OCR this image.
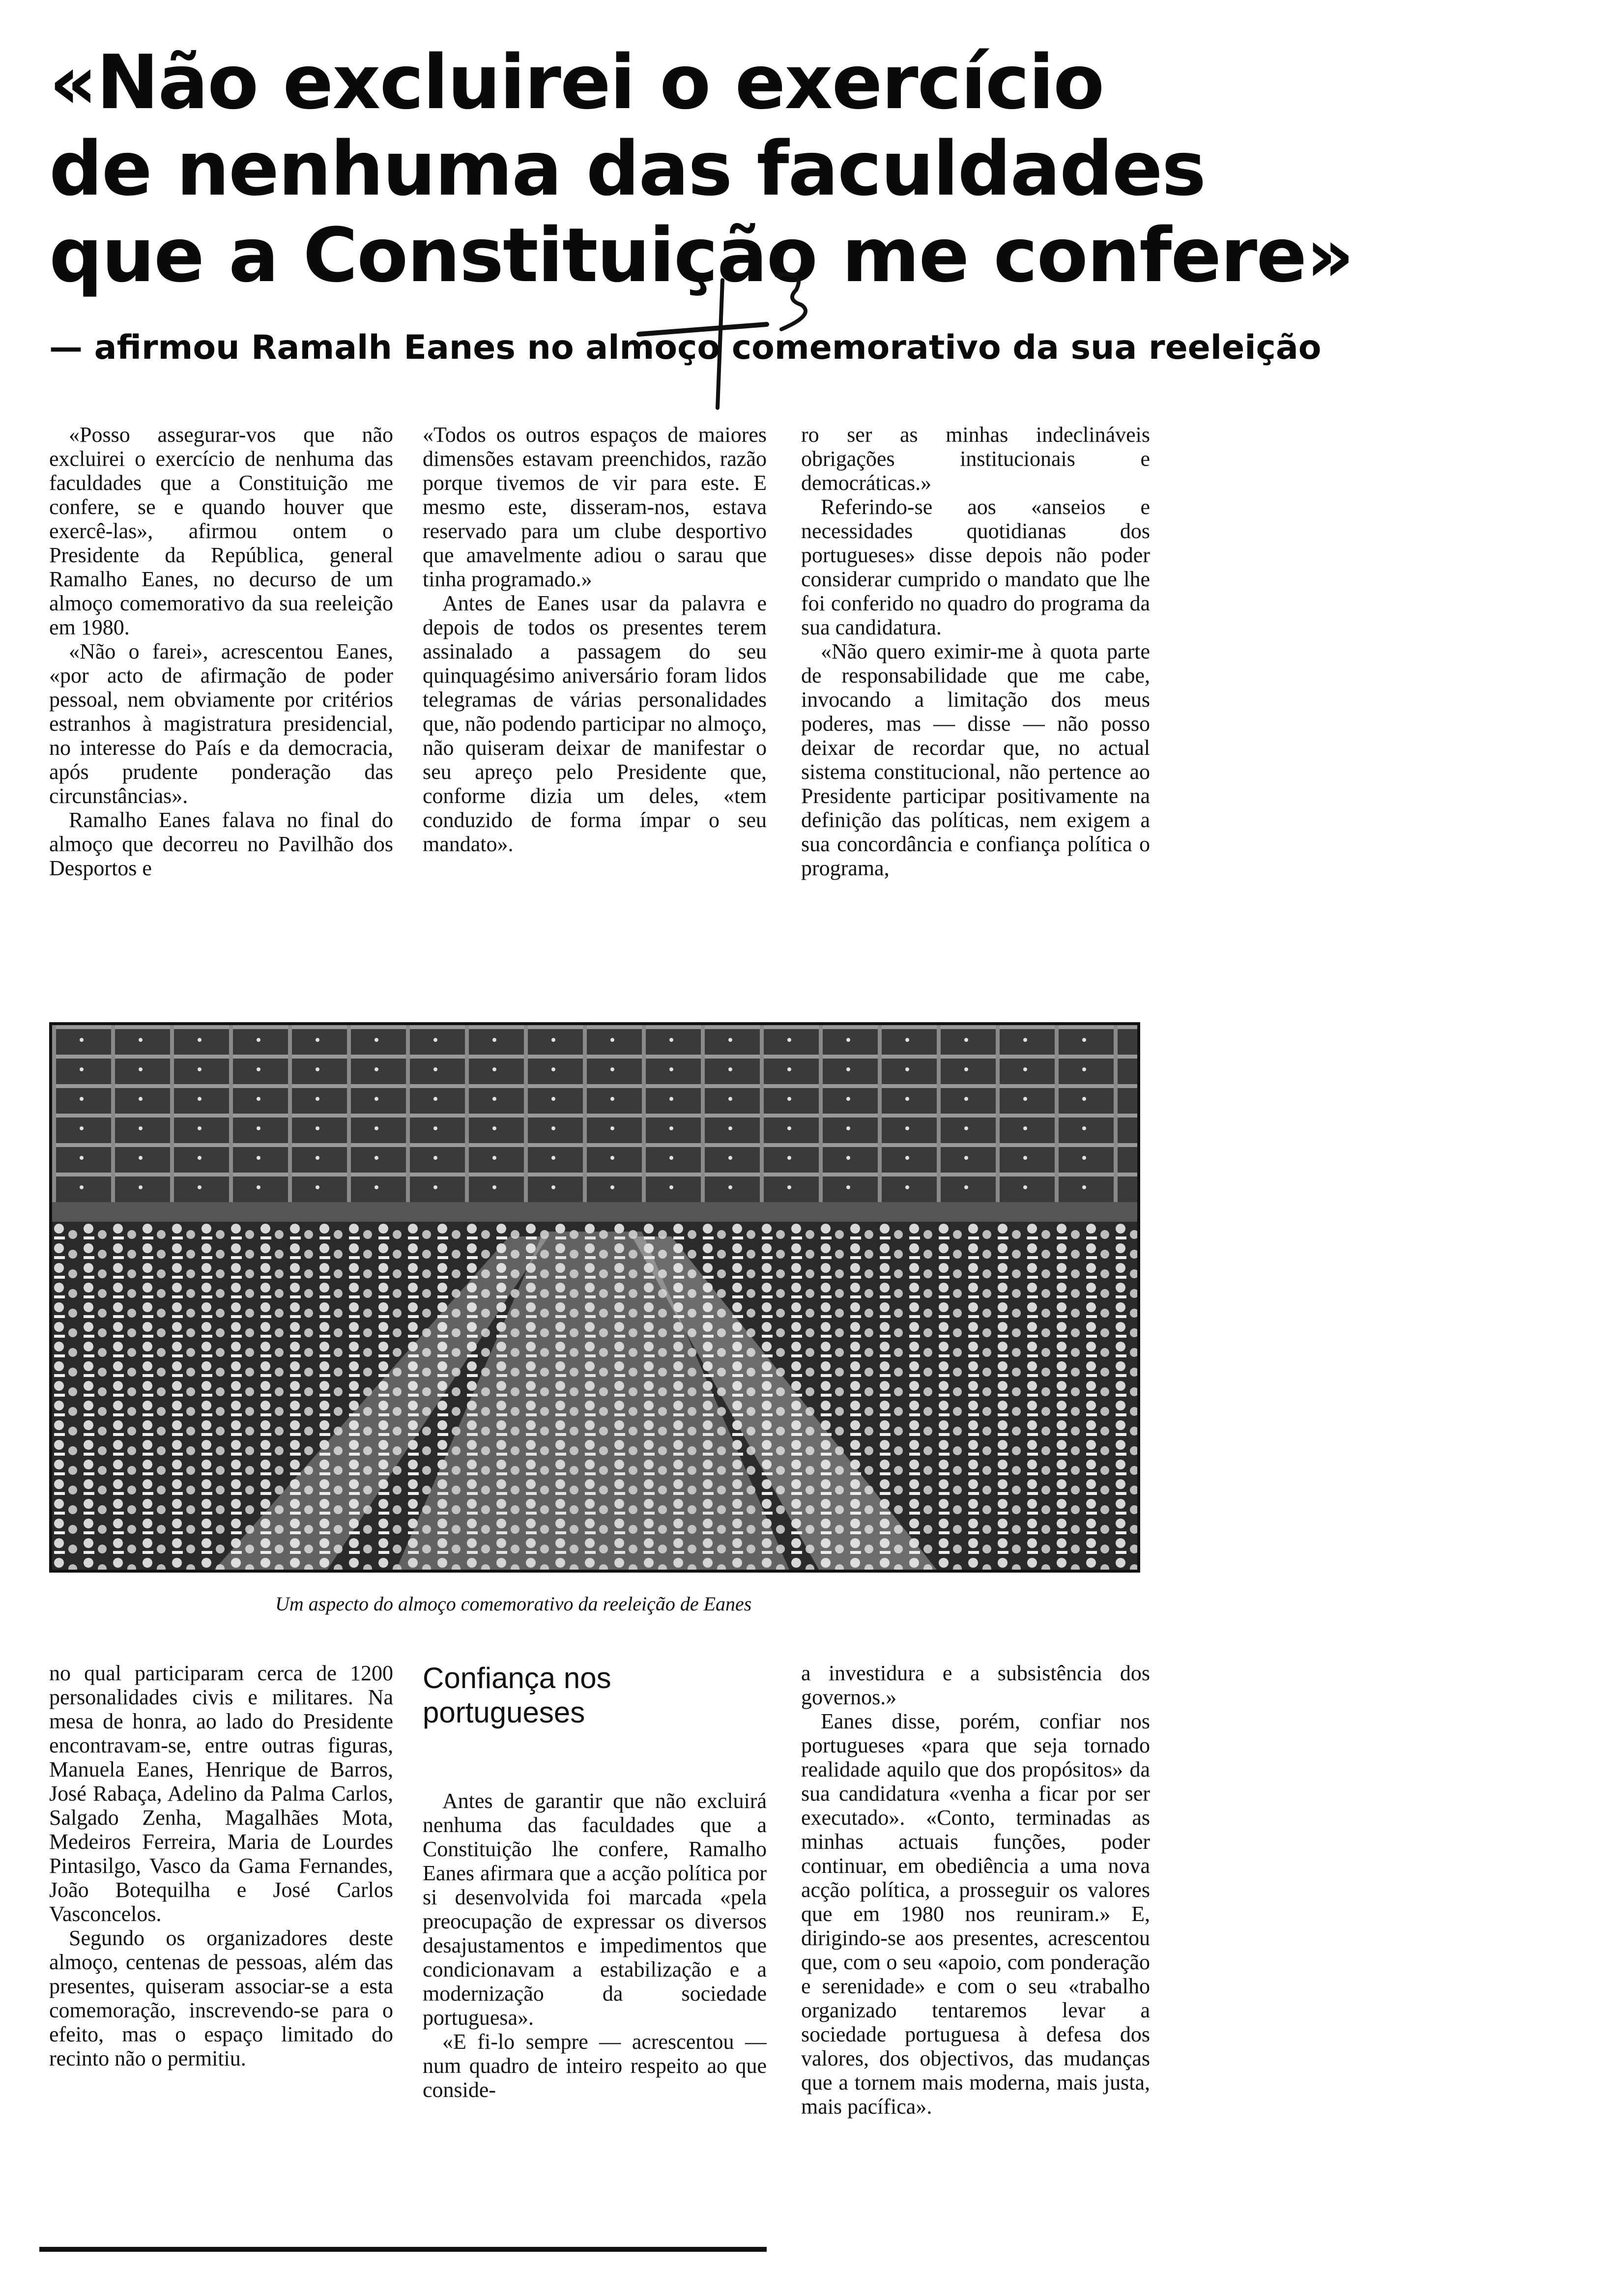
«Não excluirei o exercício
de nenhuma das faculdades
que a Constituição me confere»
1,3
— afirmou Ramalh Eanes no almoço comemorativo da sua reeleição

«Posso assegurar-vos que não excluirei o exercício de nenhuma das faculdades que a Constituição me confere, se e quando houver que exercê-las», afirmou ontem o Presidente da República, general Ramalho Eanes, no decurso de um almoço comemorativo da sua reeleição em 1980.

«Não o farei», acrescentou Eanes, «por acto de afirmação de poder pessoal, nem obviamente por critérios estranhos à magistratura presidencial, no interesse do País e da democracia, após prudente ponderação das circunstâncias».

Ramalho Eanes falava no final do almoço que decorreu no Pavilhão dos Desportos e

«Todos os outros espaços de maiores dimensões estavam preenchidos, razão porque tivemos de vir para este. E mesmo este, disseram-nos, estava reservado para um clube desportivo que amavelmente adiou o sarau que tinha programado.»

Antes de Eanes usar da palavra e depois de todos os presentes terem assinalado a passagem do seu quinquagésimo aniversário foram lidos telegramas de várias personalidades que, não podendo participar no almoço, não quiseram deixar de manifestar o seu apreço pelo Presidente que, conforme dizia um deles, «tem conduzido de forma ímpar o seu mandato».

ro ser as minhas indeclináveis obrigações institucionais e democráticas.»

Referindo-se aos «anseios e necessidades quotidianas dos portugueses» disse depois não poder considerar cumprido o mandato que lhe foi conferido no quadro do programa da sua candidatura.

«Não quero eximir-me à quota parte de responsabilidade que me cabe, invocando a limitação dos meus poderes, mas — disse — não posso deixar de recordar que, no actual sistema constitucional, não pertence ao Presidente participar positivamente na definição das políticas, nem exigem a sua concordância e confiança política o programa,

Um aspecto do almoço comemorativo da reeleição de Eanes

no qual participaram cerca de 1200 personalidades civis e militares. Na mesa de honra, ao lado do Presidente encontravam-se, entre outras figuras, Manuela Eanes, Henrique de Barros, José Rabaça, Adelino da Palma Carlos, Salgado Zenha, Magalhães Mota, Medeiros Ferreira, Maria de Lourdes Pintasilgo, Vasco da Gama Fernandes, João Botequilha e José Carlos Vasconcelos.

Segundo os organizadores deste almoço, centenas de pessoas, além das presentes, quiseram associar-se a esta comemoração, inscrevendo-se para o efeito, mas o espaço limitado do recinto não o permitiu.

Confiança nos portugueses

Antes de garantir que não excluirá nenhuma das faculdades que a Constituição lhe confere, Ramalho Eanes afirmara que a acção política por si desenvolvida foi marcada «pela preocupação de expressar os diversos desajustamentos e impedimentos que condicionavam a estabilização e a modernização da sociedade portuguesa».

«E fi-lo sempre — acrescentou — num quadro de inteiro respeito ao que conside-

a investidura e a subsistência dos governos.»

Eanes disse, porém, confiar nos portugueses «para que seja tornado realidade aquilo que dos propósitos» da sua candidatura «venha a ficar por ser executado». «Conto, terminadas as minhas actuais funções, poder continuar, em obediência a uma nova acção política, a prosseguir os valores que em 1980 nos reuniram.» E, dirigindo-se aos presentes, acrescentou que, com o seu «apoio, com ponderação e serenidade» e com o seu «trabalho organizado tentaremos levar a sociedade portuguesa à defesa dos valores, dos objectivos, das mudanças que a tornem mais moderna, mais justa, mais pacífica».
